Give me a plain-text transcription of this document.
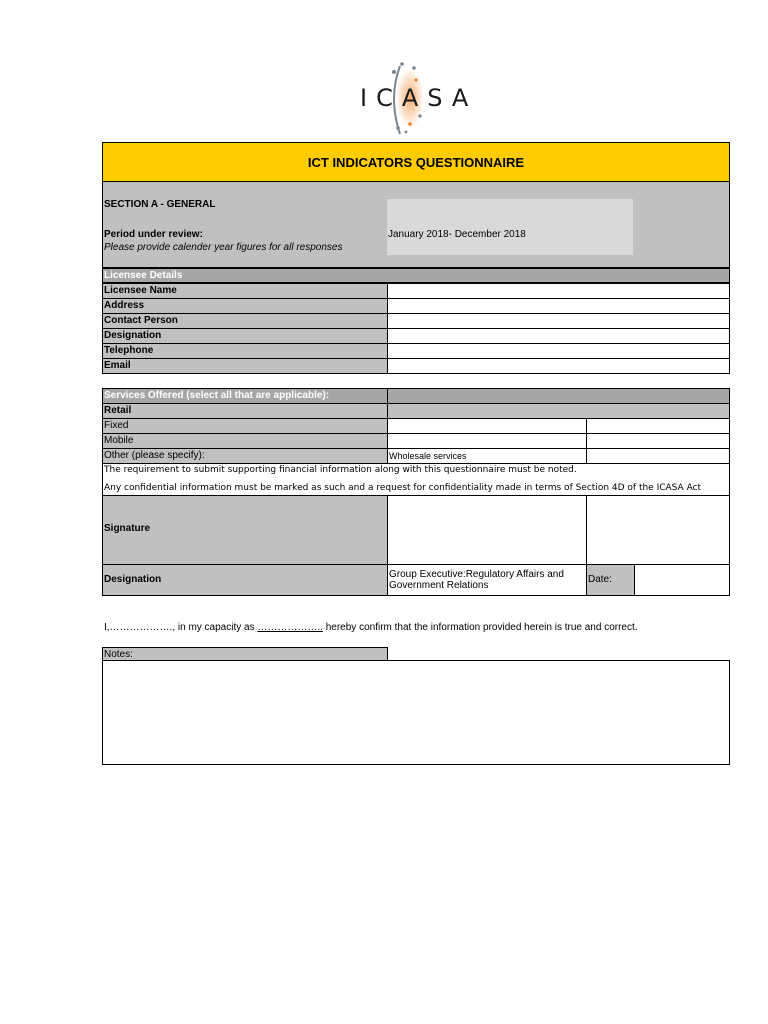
ICASA
ICT INDICATORS QUESTIONNAIRE
SECTION A - GENERAL
Period under review:
Please provide calender year figures for all responses
January 2018- December 2018
Licensee Details
Licensee Name
Address
Contact Person
Designation
Telephone
Email
Services Offered (select all that are applicable):
Retail
Fixed
Mobile
Other (please specify):	Wholesale services
The requirement to submit supporting financial information along with this questionnaire must be noted.
Any confidential information must be marked as such and a request for confidentiality made in terms of Section 4D of the ICASA Act
Signature
Designation	Group Executive:Regulatory Affairs and
Government Relations
Date:
I,………………., in my capacity as ……………….. hereby confirm that the information provided herein is true and correct.
Notes:
